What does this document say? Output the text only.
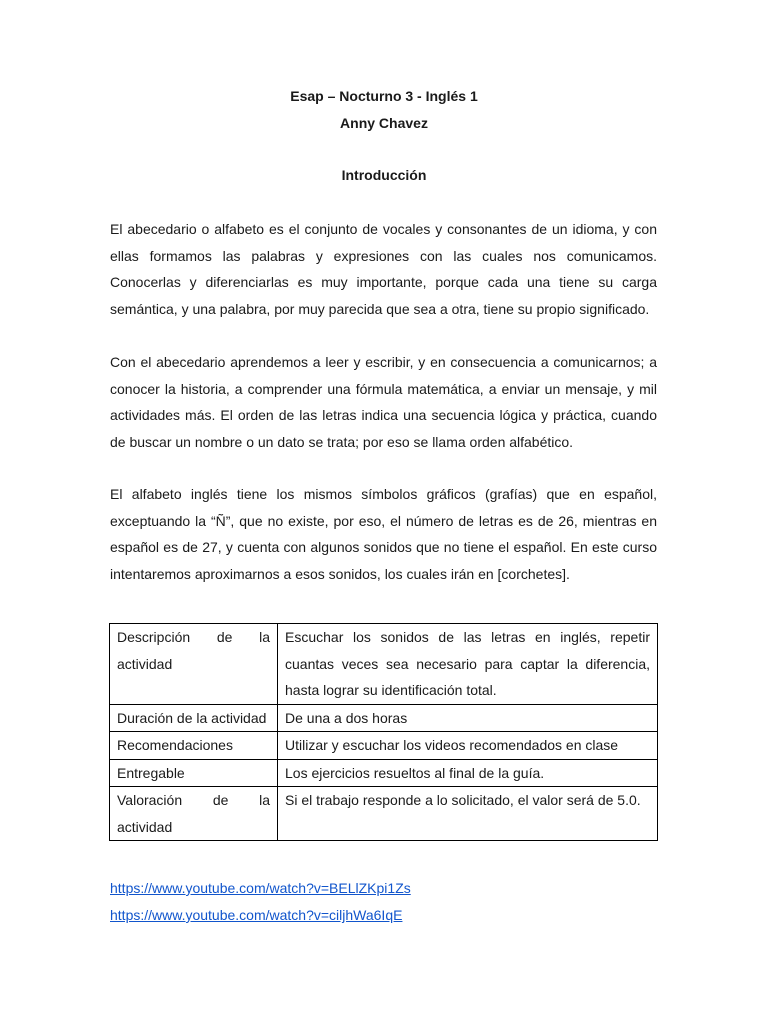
Esap – Nocturno 3 - Inglés 1
Anny Chavez
Introducción
El abecedario o alfabeto es el conjunto de vocales y consonantes de un idioma, y con
ellas formamos las palabras y expresiones con las cuales nos comunicamos.
Conocerlas y diferenciarlas es muy importante, porque cada una tiene su carga
semántica, y una palabra, por muy parecida que sea a otra, tiene su propio significado.
Con el abecedario aprendemos a leer y escribir, y en consecuencia a comunicarnos; a
conocer la historia, a comprender una fórmula matemática, a enviar un mensaje, y mil
actividades más. El orden de las letras indica una secuencia lógica y práctica, cuando
de buscar un nombre o un dato se trata; por eso se llama orden alfabético.
El alfabeto inglés tiene los mismos símbolos gráficos (grafías) que en español,
exceptuando la “Ñ”, que no existe, por eso, el número de letras es de 26, mientras en
español es de 27, y cuenta con algunos sonidos que no tiene el español. En este curso
intentaremos aproximarnos a esos sonidos, los cuales irán en [corchetes].
Descripción de la
actividad	Escuchar los sonidos de las letras en inglés, repetir
cuantas veces sea necesario para captar la diferencia,
hasta lograr su identificación total.

Duración de la actividad	De una a dos horas

Recomendaciones	Utilizar y escuchar los videos recomendados en clase

Entregable	Los ejercicios resueltos al final de la guía.

Valoración de la
actividad	Si el trabajo responde a lo solicitado, el valor será de 5.0.
https://www.youtube.com/watch?v=BELlZKpi1Zs
https://www.youtube.com/watch?v=ciljhWa6IqE
